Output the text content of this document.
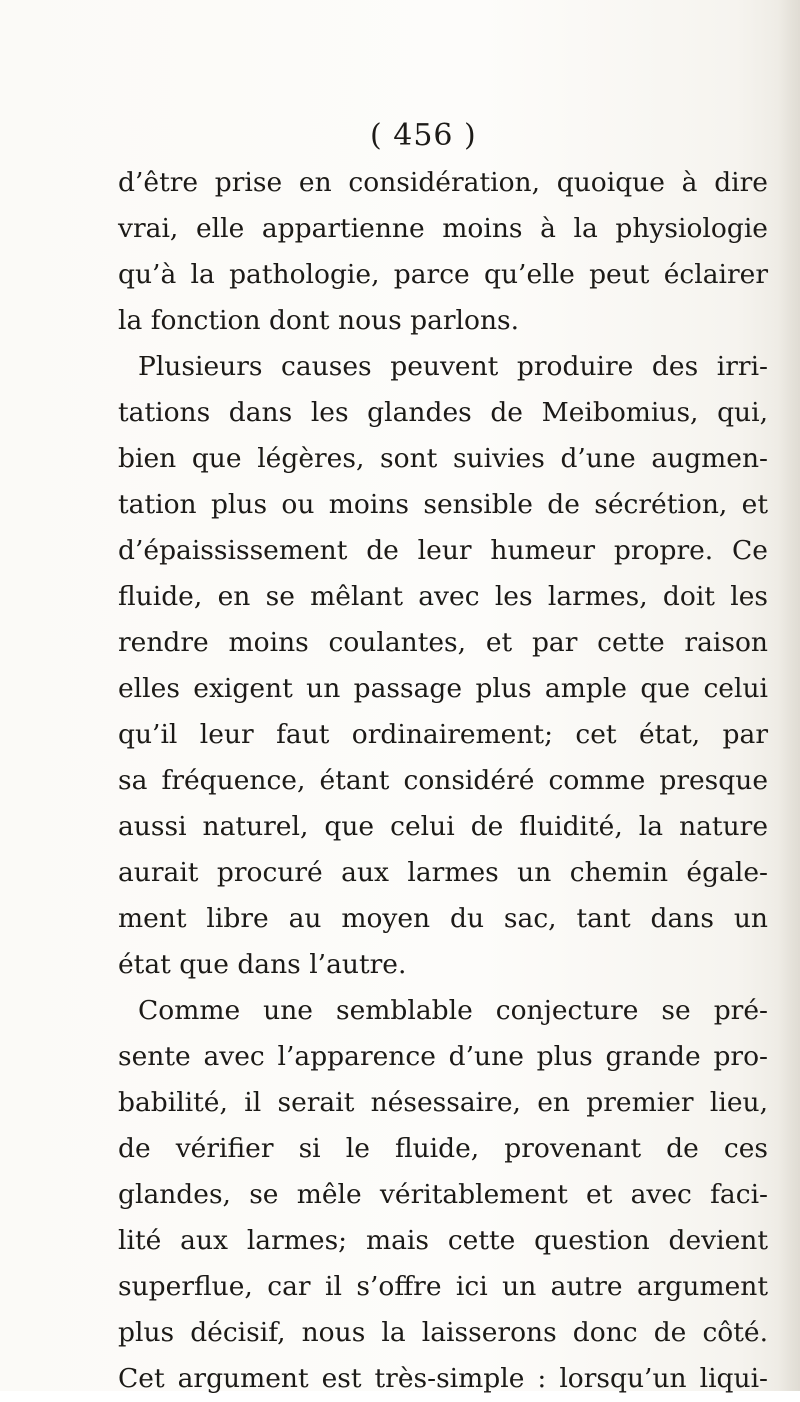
( 456 )
d’être prise en considération, quoique à dire
vrai, elle appartienne moins à la physiologie
qu’à la pathologie, parce qu’elle peut éclairer
la fonction dont nous parlons.
Plusieurs causes peuvent produire des irri-
tations dans les glandes de Meibomius, qui,
bien que légères, sont suivies d’une augmen-
tation plus ou moins sensible de sécrétion, et
d’épaississement de leur humeur propre. Ce
fluide, en se mêlant avec les larmes, doit les
rendre moins coulantes, et par cette raison
elles exigent un passage plus ample que celui
qu’il leur faut ordinairement; cet état, par
sa fréquence, étant considéré comme presque
aussi naturel, que celui de fluidité, la nature
aurait procuré aux larmes un chemin égale-
ment libre au moyen du sac, tant dans un
état que dans l’autre.
Comme une semblable conjecture se pré-
sente avec l’apparence d’une plus grande pro-
babilité, il serait nésessaire, en premier lieu,
de vérifier si le fluide, provenant de ces
glandes, se mêle véritablement et avec faci-
lité aux larmes; mais cette question devient
superflue, car il s’offre ici un autre argument
plus décisif, nous la laisserons donc de côté.
Cet argument est très-simple : lorsqu’un liqui-
